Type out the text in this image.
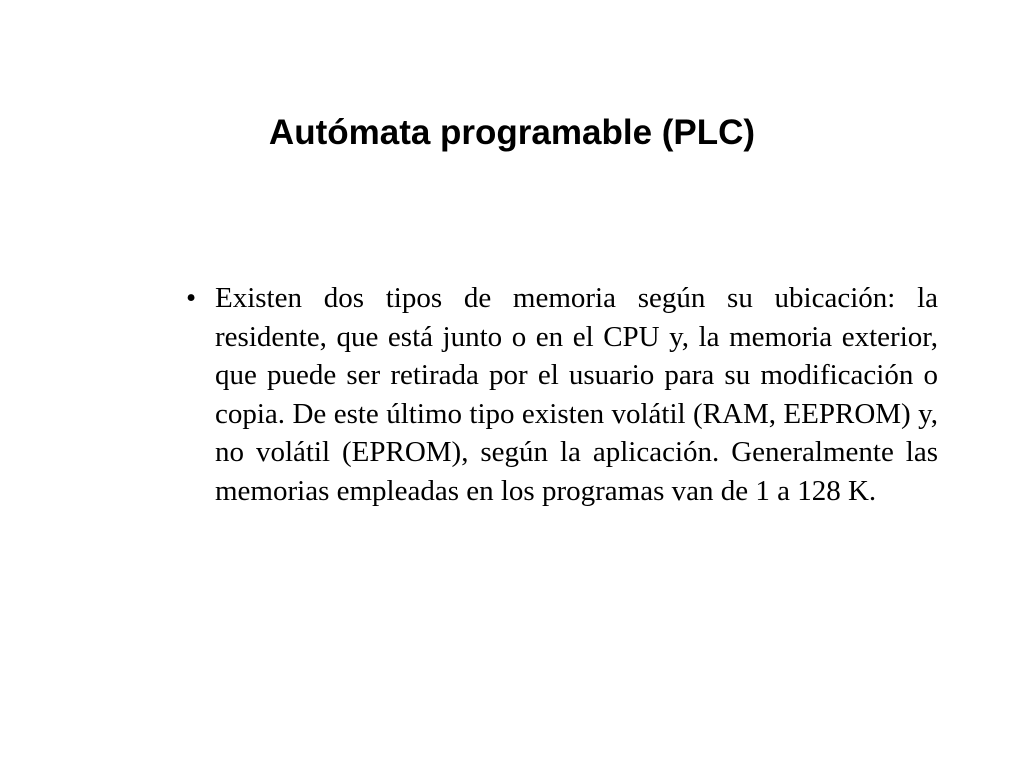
Autómata programable (PLC)
• Existen dos tipos de memoria según su ubicación: la residente, que está junto o en el CPU y, la memoria exterior, que puede ser retirada por el usuario para su modificación o copia. De este último tipo existen volátil (RAM, EEPROM) y, no volátil (EPROM), según la aplicación. Generalmente las memorias empleadas en los programas van de 1 a 128 K.
